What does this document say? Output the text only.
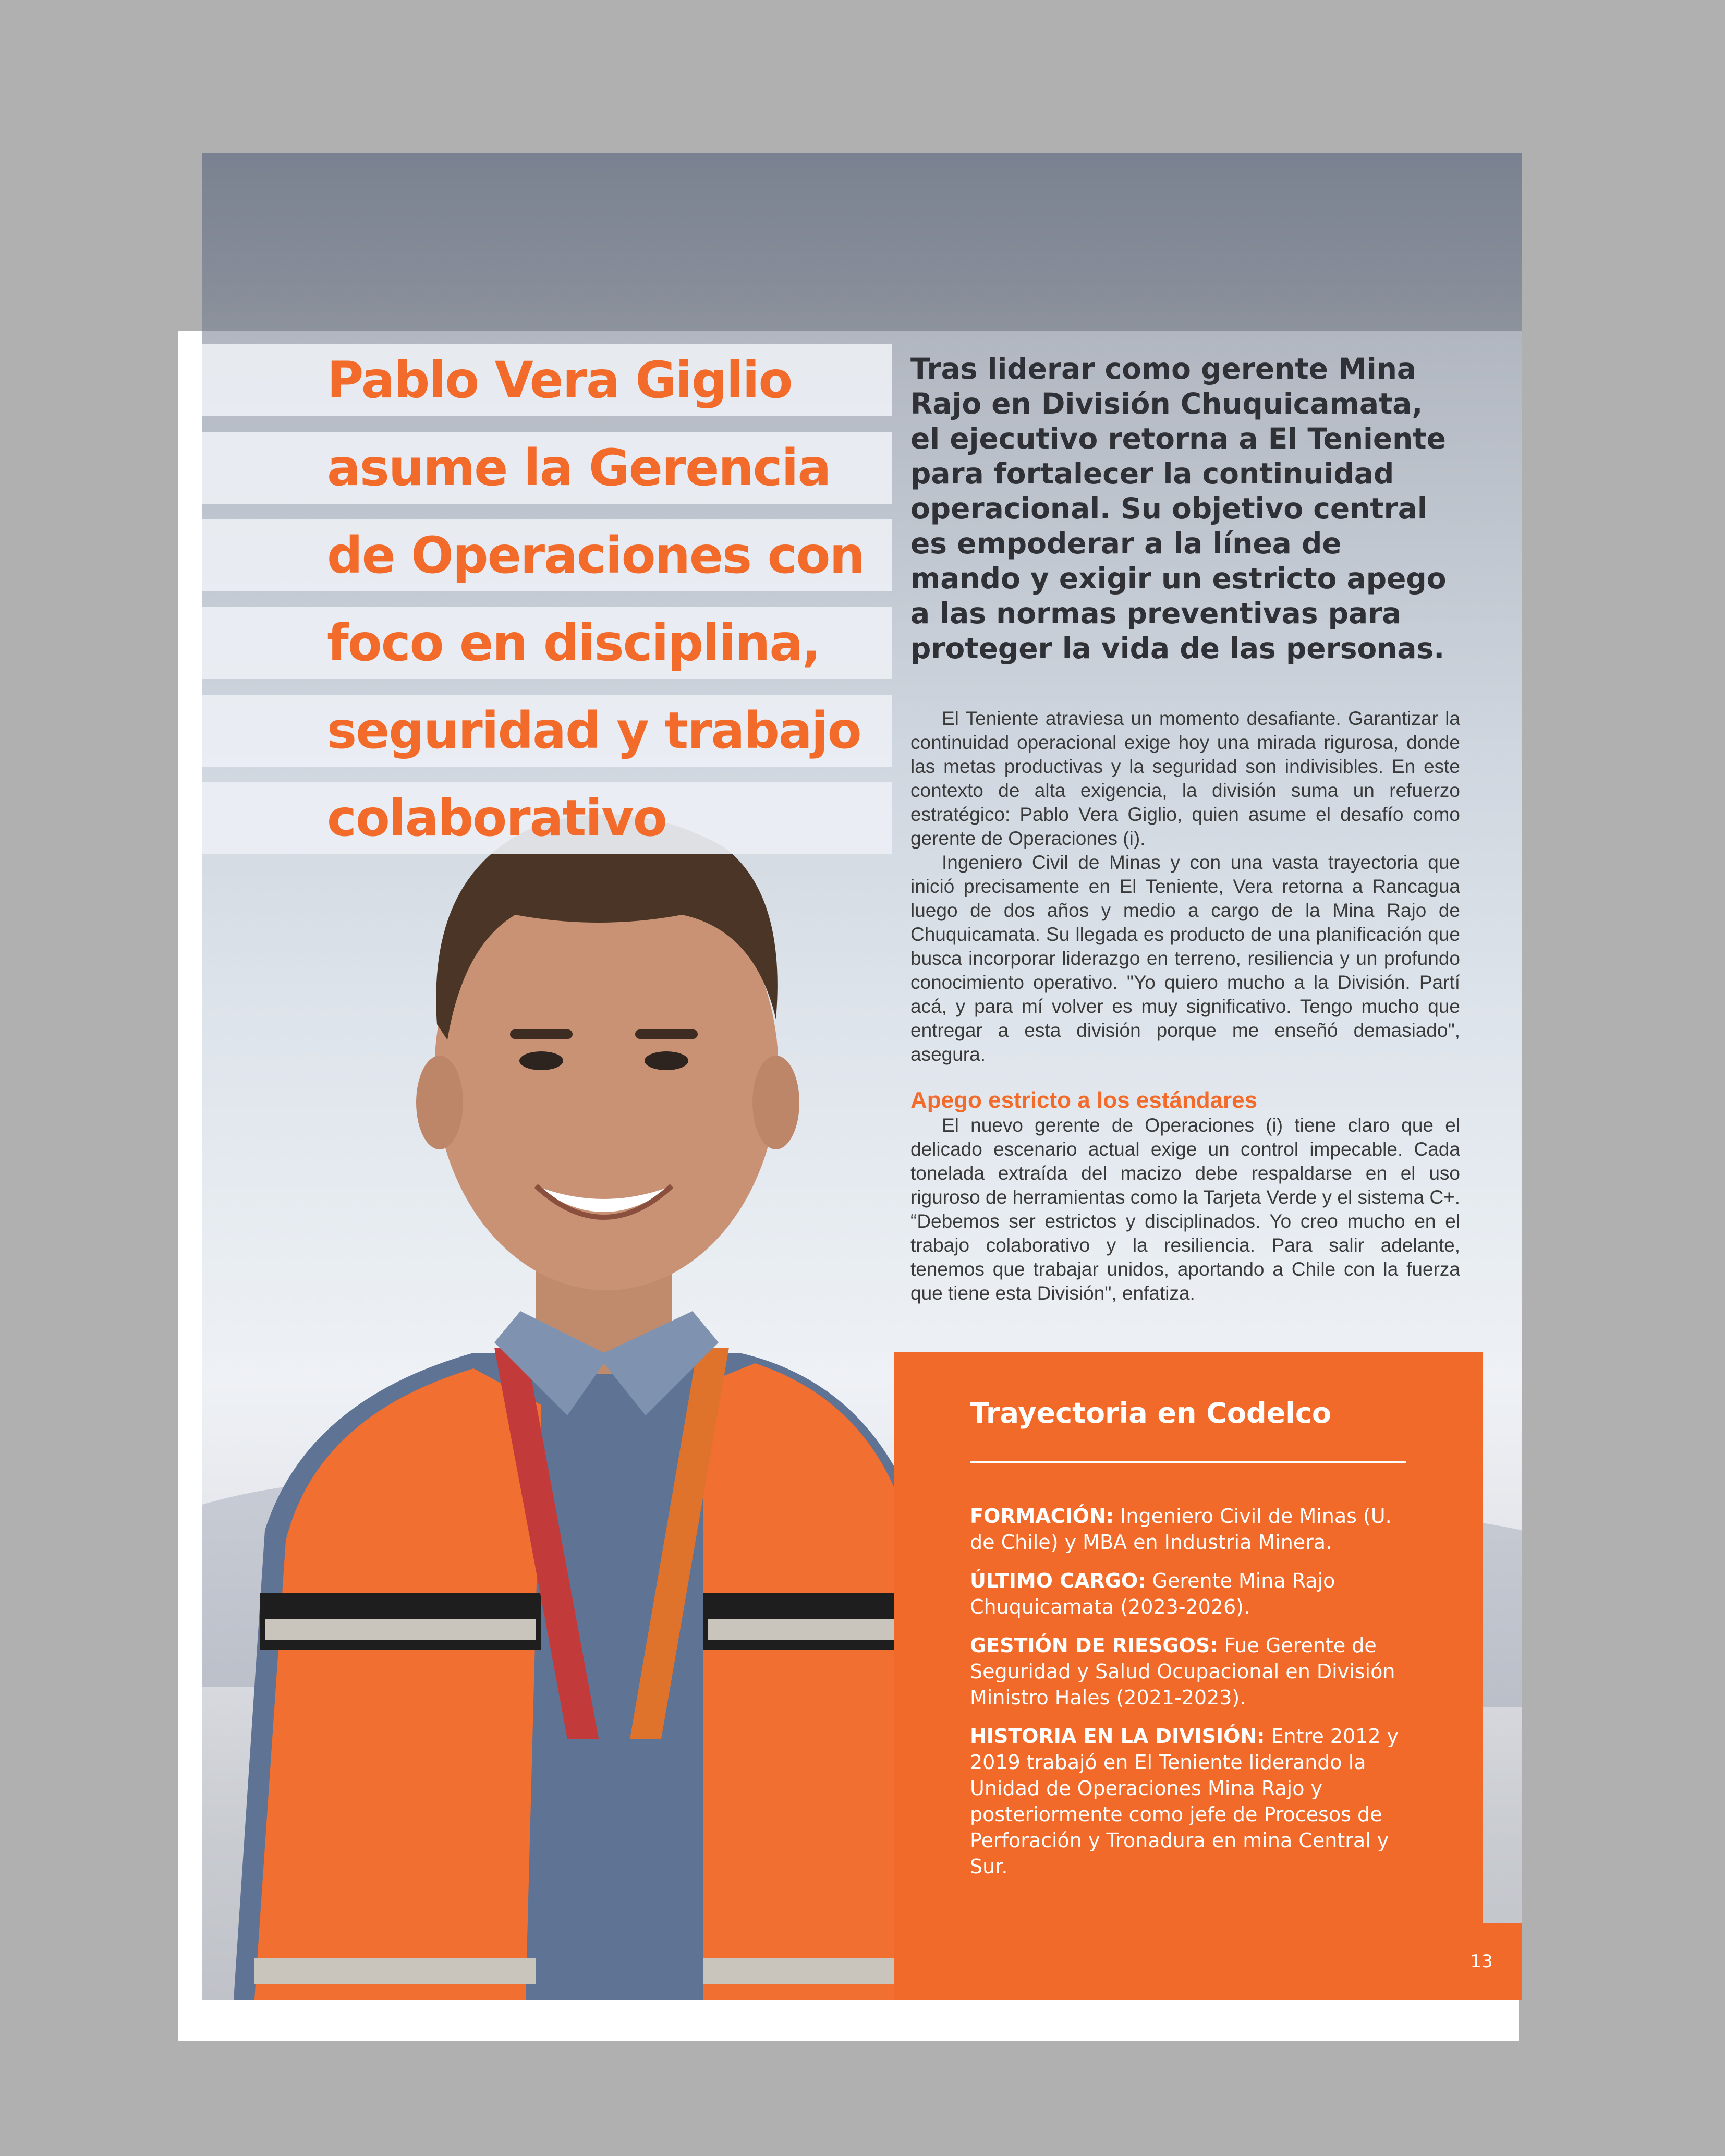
Pablo Vera Giglio
asume la Gerencia
de Operaciones con
foco en disciplina,
seguridad y trabajo
colaborativo
Tras liderar como gerente Mina Rajo en División Chuquicamata, el ejecutivo retorna a El Teniente para fortalecer la continuidad operacional. Su objetivo central es empoderar a la línea de mando y exigir un estricto apego a las normas preventivas para proteger la vida de las personas.

El Teniente atraviesa un momento desafiante. Garantizar la continuidad operacional exige hoy una mirada rigurosa, donde las metas productivas y la seguridad son indivisibles. En este contexto de alta exigencia, la división suma un refuerzo estratégico: Pablo Vera Giglio, quien asume el desafío como gerente de Operaciones (i).

Ingeniero Civil de Minas y con una vasta trayectoria que inició precisamente en El Teniente, Vera retorna a Rancagua luego de dos años y medio a cargo de la Mina Rajo de Chuquicamata. Su llegada es producto de una planificación que busca incorporar liderazgo en terreno, resiliencia y un profundo conocimiento operativo. "Yo quiero mucho a la División. Partí acá, y para mí volver es muy significativo. Tengo mucho que entregar a esta división porque me enseñó demasiado", asegura.

Apego estricto a los estándares

El nuevo gerente de Operaciones (i) tiene claro que el delicado escenario actual exige un control impecable. Cada tonelada extraída del macizo debe respaldarse en el uso riguroso de herramientas como la Tarjeta Verde y el sistema C+. “Debemos ser estrictos y disciplinados. Yo creo mucho en el trabajo colaborativo y la resiliencia. Para salir adelante, tenemos que trabajar unidos, aportando a Chile con la fuerza que tiene esta División", enfatiza.

Trayectoria en Codelco
FORMACIÓN: Ingeniero Civil de Minas (U. de Chile) y MBA en Industria Minera.
ÚLTIMO CARGO: Gerente Mina Rajo Chuquicamata (2023-2026).
GESTIÓN DE RIESGOS: Fue Gerente de Seguridad y Salud Ocupacional en División Ministro Hales (2021-2023).
HISTORIA EN LA DIVISIÓN: Entre 2012 y 2019 trabajó en El Teniente liderando la Unidad de Operaciones Mina Rajo y posteriormente como jefe de Procesos de Perforación y Tronadura en mina Central y Sur.
13
